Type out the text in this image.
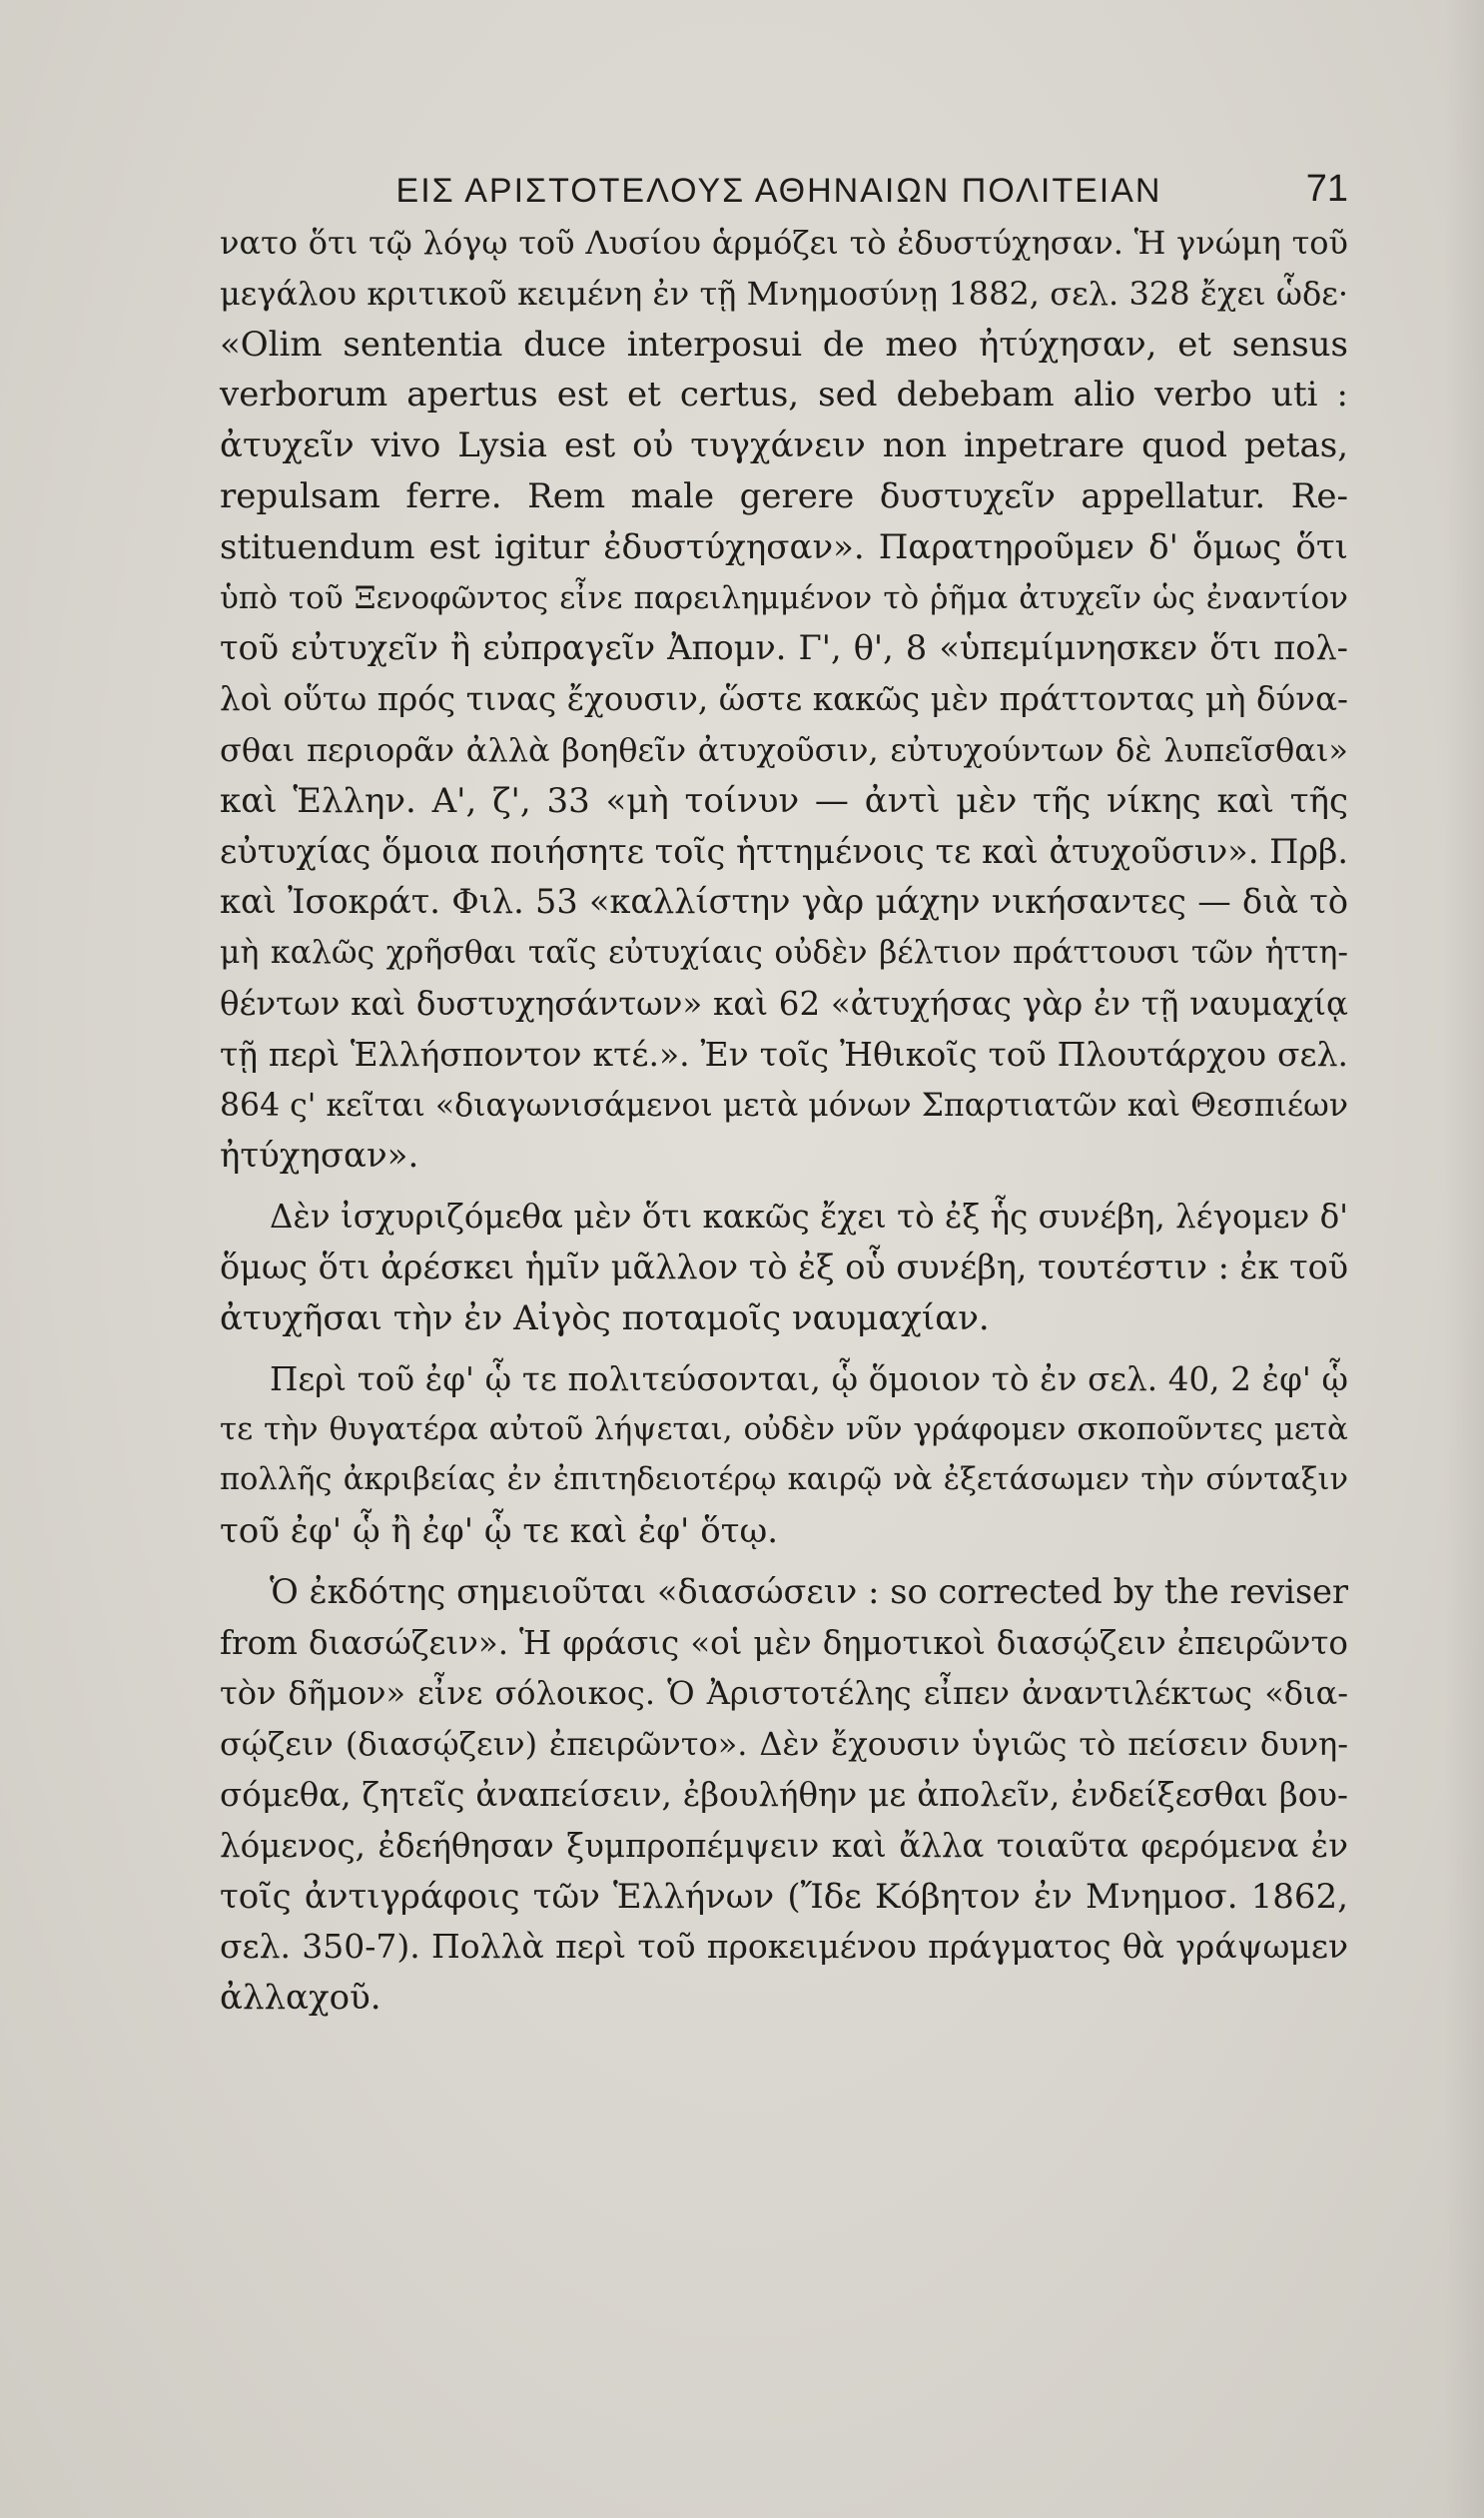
ΕΙΣ ΑΡΙΣΤΟΤΕΛΟΥΣ ΑΘΗΝΑΙΩΝ ΠΟΛΙΤΕΙΑΝ	71
νατο ὅτι τῷ λόγῳ τοῦ Λυσίου ἁρμόζει τὸ ἐδυστύχησαν. Ἡ γνώμη τοῦ
μεγάλου κριτικοῦ κειμένη ἐν τῇ Μνημοσύνῃ 1882, σελ. 328 ἔχει ὧδε·
«Olim sententia duce interposui de meo ἠτύχησαν, et sensus
verborum apertus est et certus, sed debebam alio verbo uti :
ἀτυχεῖν vivo Lysia est οὐ τυγχάνειν non inpetrare quod petas,
repulsam ferre. Rem male gerere δυστυχεῖν appellatur. Re-
stituendum est igitur ἐδυστύχησαν». Παρατηροῦμεν δ' ὅμως ὅτι
ὑπὸ τοῦ Ξενοφῶντος εἶνε παρειλημμένον τὸ ῥῆμα ἀτυχεῖν ὡς ἐναντίον
τοῦ εὐτυχεῖν ἢ εὐπραγεῖν Ἀπομν. Γ', θ', 8 «ὑπεμίμνησκεν ὅτι πολ-
λοὶ οὕτω πρός τινας ἔχουσιν, ὥστε κακῶς μὲν πράττοντας μὴ δύνα-
σθαι περιορᾶν ἀλλὰ βοηθεῖν ἀτυχοῦσιν, εὐτυχούντων δὲ λυπεῖσθαι»
καὶ Ἑλλην. Α', ζ', 33 «μὴ τοίνυν — ἀντὶ μὲν τῆς νίκης καὶ τῆς
εὐτυχίας ὅμοια ποιήσητε τοῖς ἡττημένοις τε καὶ ἀτυχοῦσιν». Πρβ.
καὶ Ἰσοκράτ. Φιλ. 53 «καλλίστην γὰρ μάχην νικήσαντες — διὰ τὸ
μὴ καλῶς χρῆσθαι ταῖς εὐτυχίαις οὐδὲν βέλτιον πράττουσι τῶν ἡττη-
θέντων καὶ δυστυχησάντων» καὶ 62 «ἀτυχήσας γὰρ ἐν τῇ ναυμαχίᾳ
τῇ περὶ Ἑλλήσποντον κτέ.». Ἐν τοῖς Ἠθικοῖς τοῦ Πλουτάρχου σελ.
864 ς' κεῖται «διαγωνισάμενοι μετὰ μόνων Σπαρτιατῶν καὶ Θεσπιέων
ἠτύχησαν».
Δὲν ἰσχυριζόμεθα μὲν ὅτι κακῶς ἔχει τὸ ἐξ ἧς συνέβη, λέγομεν δ'
ὅμως ὅτι ἀρέσκει ἡμῖν μᾶλλον τὸ ἐξ οὗ συνέβη, τουτέστιν : ἐκ τοῦ
ἀτυχῆσαι τὴν ἐν Αἰγὸς ποταμοῖς ναυμαχίαν.
Περὶ τοῦ ἐφ' ᾧ τε πολιτεύσονται, ᾧ ὅμοιον τὸ ἐν σελ. 40, 2 ἐφ' ᾧ
τε τὴν θυγατέρα αὐτοῦ λήψεται, οὐδὲν νῦν γράφομεν σκοποῦντες μετὰ
πολλῆς ἀκριβείας ἐν ἐπιτηδειοτέρῳ καιρῷ νὰ ἐξετάσωμεν τὴν σύνταξιν
τοῦ ἐφ' ᾧ ἢ ἐφ' ᾧ τε καὶ ἐφ' ὅτῳ.
Ὁ ἐκδότης σημειοῦται «διασώσειν : so corrected by the reviser
from διασώζειν». Ἡ φράσις «οἱ μὲν δημοτικοὶ διασῴζειν ἐπειρῶντο
τὸν δῆμον» εἶνε σόλοικος. Ὁ Ἀριστοτέλης εἶπεν ἀναντιλέκτως «δια-
σῴζειν (διασῴζειν) ἐπειρῶντο». Δὲν ἔχουσιν ὑγιῶς τὸ πείσειν δυνη-
σόμεθα, ζητεῖς ἀναπείσειν, ἐβουλήθην με ἀπολεῖν, ἐνδείξεσθαι βου-
λόμενος, ἐδεήθησαν ξυμπροπέμψειν καὶ ἄλλα τοιαῦτα φερόμενα ἐν
τοῖς ἀντιγράφοις τῶν Ἑλλήνων (Ἴδε Κόβητον ἐν Μνημοσ. 1862,
σελ. 350-7). Πολλὰ περὶ τοῦ προκειμένου πράγματος θὰ γράψωμεν
ἀλλαχοῦ.
